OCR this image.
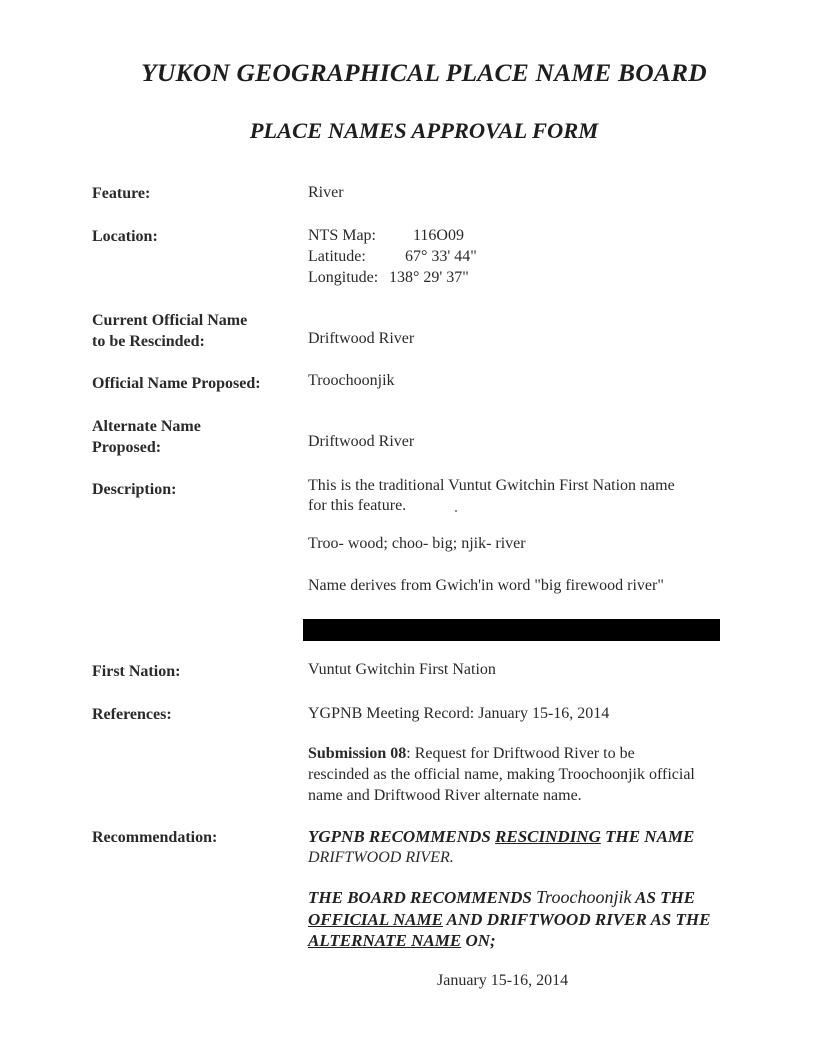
YUKON GEOGRAPHICAL PLACE NAME BOARD
PLACE NAMES APPROVAL FORM
Feature:	River
Location:	NTS Map: 116O09
Latitude: 67° 33' 44"
Longitude: 138° 29' 37"
Current Official Name
to be Rescinded:	Driftwood River
Official Name Proposed:	Troochoonjik
Alternate Name
Proposed:	Driftwood River
Description:	This is the traditional Vuntut Gwitchin First Nation name
for this feature.
Troo- wood; choo- big; njik- river
Name derives from Gwich'in word "big firewood river"
First Nation:	Vuntut Gwitchin First Nation
References:	YGPNB Meeting Record: January 15-16, 2014
Submission 08: Request for Driftwood River to be
rescinded as the official name, making Troochoonjik official
name and Driftwood River alternate name.
Recommendation:	YGPNB RECOMMENDS RESCINDING THE NAME
DRIFTWOOD RIVER.
THE BOARD RECOMMENDS Troochoonjik AS THE
OFFICIAL NAME AND DRIFTWOOD RIVER AS THE
ALTERNATE NAME ON;
January 15-16, 2014
